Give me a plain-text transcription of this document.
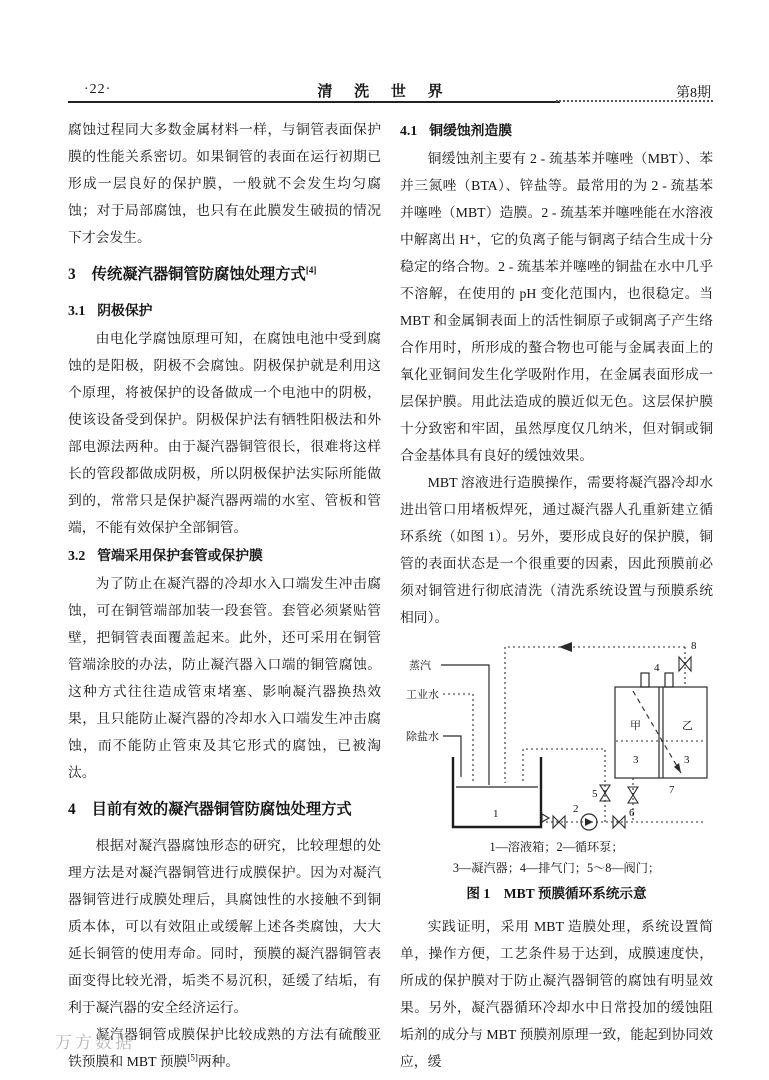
·22·	清 洗 世 界	第8期

腐蚀过程同大多数金属材料一样，与铜管表面保护膜的性能关系密切。如果铜管的表面在运行初期已形成一层良好的保护膜，一般就不会发生均匀腐蚀；对于局部腐蚀，也只有在此膜发生破损的情况下才会发生。

3 传统凝汽器铜管防腐蚀处理方式[4]

3.1 阴极保护

由电化学腐蚀原理可知，在腐蚀电池中受到腐蚀的是阳极，阴极不会腐蚀。阴极保护就是利用这个原理，将被保护的设备做成一个电池中的阴极，使该设备受到保护。阴极保护法有牺牲阳极法和外部电源法两种。由于凝汽器铜管很长，很难将这样长的管段都做成阴极，所以阴极保护法实际所能做到的，常常只是保护凝汽器两端的水室、管板和管端，不能有效保护全部铜管。

3.2 管端采用保护套管或保护膜

为了防止在凝汽器的冷却水入口端发生冲击腐蚀，可在铜管端部加装一段套管。套管必须紧贴管壁，把铜管表面覆盖起来。此外，还可采用在铜管管端涂胶的办法，防止凝汽器入口端的铜管腐蚀。这种方式往往造成管束堵塞、影响凝汽器换热效果，且只能防止凝汽器的冷却水入口端发生冲击腐蚀，而不能防止管束及其它形式的腐蚀，已被淘汰。

4 目前有效的凝汽器铜管防腐蚀处理方式

根据对凝汽器腐蚀形态的研究，比较理想的处理方法是对凝汽器铜管进行成膜保护。因为对凝汽器铜管进行成膜处理后，具腐蚀性的水接触不到铜质本体，可以有效阻止或缓解上述各类腐蚀，大大延长铜管的使用寿命。同时，预膜的凝汽器铜管表面变得比较光滑，垢类不易沉积，延缓了结垢，有利于凝汽器的安全经济运行。

凝汽器铜管成膜保护比较成熟的方法有硫酸亚铁预膜和 MBT 预膜[5]两种。

4.1 铜缓蚀剂造膜

铜缓蚀剂主要有 2 - 巯基苯并噻唑（MBT）、苯并三氮唑（BTA）、锌盐等。最常用的为 2 - 巯基苯并噻唑（MBT）造膜。2 - 巯基苯并噻唑能在水溶液中解离出 H⁺，它的负离子能与铜离子结合生成十分稳定的络合物。2 - 巯基苯并噻唑的铜盐在水中几乎不溶解，在使用的 pH 变化范围内，也很稳定。当 MBT 和金属铜表面上的活性铜原子或铜离子产生络合作用时，所形成的螯合物也可能与金属表面上的氧化亚铜间发生化学吸附作用，在金属表面形成一层保护膜。用此法造成的膜近似无色。这层保护膜十分致密和牢固，虽然厚度仅几纳米，但对铜或铜合金基体具有良好的缓蚀效果。

MBT 溶液进行造膜操作，需要将凝汽器冷却水进出管口用堵板焊死，通过凝汽器人孔重新建立循环系统（如图 1）。另外，要形成良好的保护膜，铜管的表面状态是一个很重要的因素，因此预膜前必须对铜管进行彻底清洗（清洗系统设置与预膜系统相同）。

蒸汽
工业水
除盐水
8
1	2
5
6
甲	乙
3	3
4
7

1—溶液箱；2—循环泵；

3—凝汽器；4—排气门；5～8—阀门；

图 1　MBT 预膜循环系统示意

实践证明，采用 MBT 造膜处理，系统设置简单，操作方便，工艺条件易于达到，成膜速度快，所成的保护膜对于防止凝汽器铜管的腐蚀有明显效果。另外，凝汽器循环冷却水中日常投加的缓蚀阻垢剂的成分与 MBT 预膜剂原理一致，能起到协同效应，缓

万方数据
